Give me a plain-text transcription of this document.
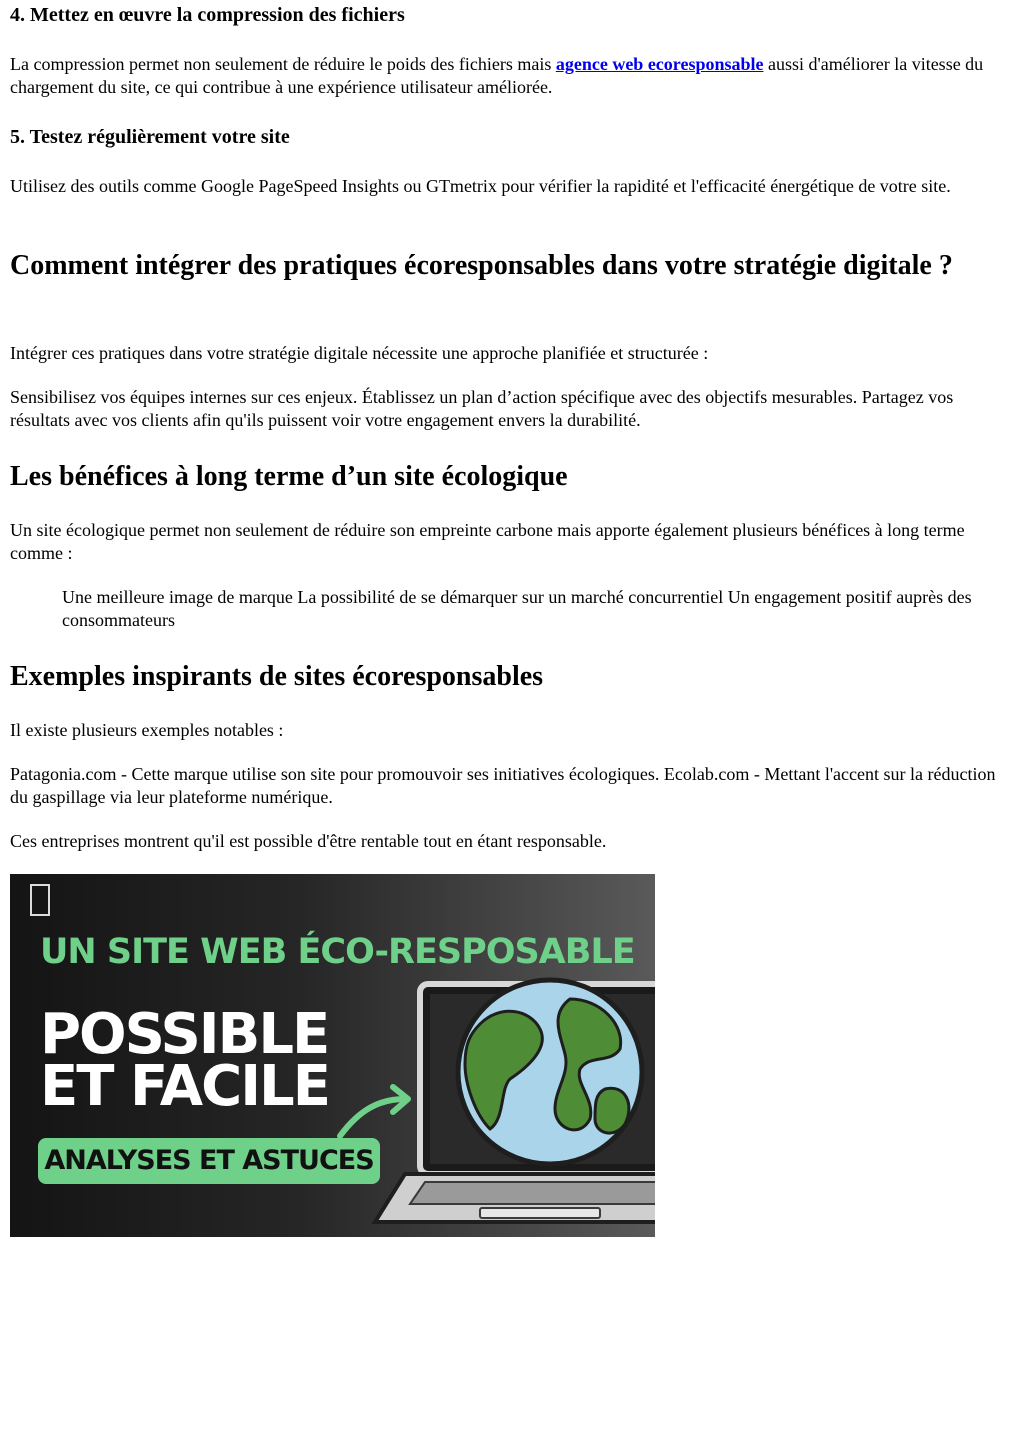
4. Mettez en œuvre la compression des fichiers

La compression permet non seulement de réduire le poids des fichiers mais agence web ecoresponsable aussi d'améliorer la vitesse du chargement du site, ce qui contribue à une expérience utilisateur améliorée.

5. Testez régulièrement votre site

Utilisez des outils comme Google PageSpeed Insights ou GTmetrix pour vérifier la rapidité et l'efficacité énergétique de votre site.

Comment intégrer des pratiques écoresponsables dans votre stratégie digitale ?

Intégrer ces pratiques dans votre stratégie digitale nécessite une approche planifiée et structurée :

Sensibilisez vos équipes internes sur ces enjeux. Établissez un plan d’action spécifique avec des objectifs mesurables. Partagez vos résultats avec vos clients afin qu'ils puissent voir votre engagement envers la durabilité.

Les bénéfices à long terme d’un site écologique

Un site écologique permet non seulement de réduire son empreinte carbone mais apporte également plusieurs bénéfices à long terme comme :

Une meilleure image de marque La possibilité de se démarquer sur un marché concurrentiel Un engagement positif auprès des consommateurs
Exemples inspirants de sites écoresponsables

Il existe plusieurs exemples notables :

Patagonia.com - Cette marque utilise son site pour promouvoir ses initiatives écologiques. Ecolab.com - Mettant l'accent sur la réduction du gaspillage via leur plateforme numérique.

Ces entreprises montrent qu'il est possible d'être rentable tout en étant responsable.

UN SITE WEB ÉCO-RESPOSABLE
POSSIBLE
ET FACILE
ANALYSES ET ASTUCES
